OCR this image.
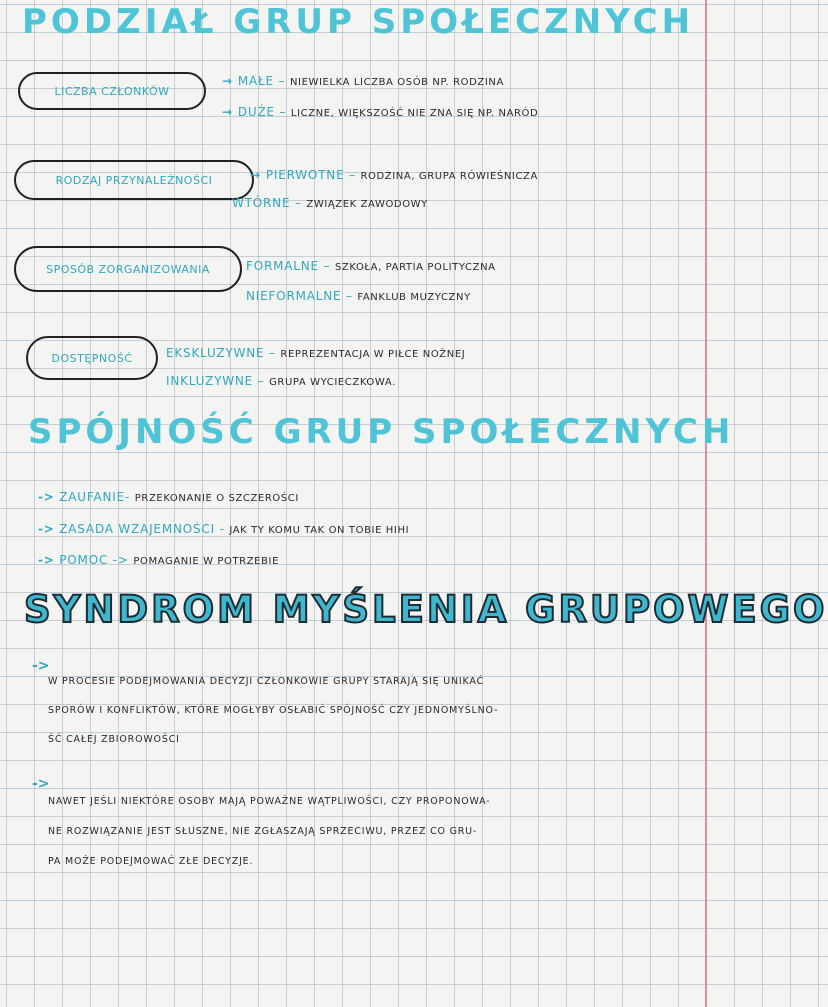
PODZIAŁ GRUP SPOŁECZNYCH
LICZBA CZŁONKÓW
→ MAŁE – NIEWIELKA LICZBA OSÓB NP. RODZINA
→ DUŻE – LICZNE, WIĘKSZOŚĆ NIE ZNA SIĘ NP. NARÓD
RODZAJ PRZYNALEŻNOŚCI	→ PIERWOTNE – RODZINA, GRUPA RÓWIEŚNICZA
WTÓRNE – ZWIĄZEK ZAWODOWY
SPOSÓB ZORGANIZOWANIA	FORMALNE – SZKOŁA, PARTIA POLITYCZNA
NIEFORMALNE – FANKLUB MUZYCZNY
DOSTĘPNOŚĆ	EKSKLUZYWNE – REPREZENTACJA W PIŁCE NOŻNEJ
INKLUZYWNE – GRUPA WYCIECZKOWA.
SPÓJNOŚĆ GRUP SPOŁECZNYCH
-> ZAUFANIE- PRZEKONANIE O SZCZEROŚCI
-> ZASADA WZAJEMNOŚCI - JAK TY KOMU TAK ON TOBIE HIHI
-> POMOC -> POMAGANIE W POTRZEBIE
SYNDROM MYŚLENIA GRUPOWEGO
->
W PROCESIE PODEJMOWANIA DECYZJI CZŁONKOWIE GRUPY STARAJĄ SIĘ UNIKAĆ
SPORÓW I KONFLIKTÓW, KTÓRE MOGŁYBY OSŁABIĆ SPÓJNOŚĆ CZY JEDNOMYŚLNO-
ŚĆ CAŁEJ ZBIOROWOŚCI
->
NAWET JEŚLI NIEKTÓRE OSOBY MAJĄ POWAŻNE WĄTPLIWOŚCI, CZY PROPONOWA-
NE ROZWIĄZANIE JEST SŁUSZNE, NIE ZGŁASZAJĄ SPRZECIWU, PRZEZ CO GRU-
PA MOŻE PODEJMOWAĆ ZŁE DECYZJE.
